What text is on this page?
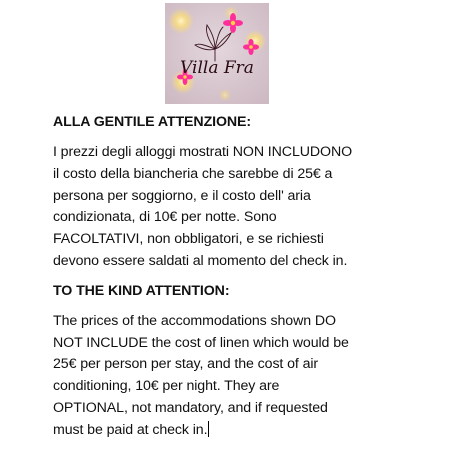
Villa Fra
ALLA GENTILE ATTENZIONE:
I prezzi degli alloggi mostrati NON INCLUDONO
il costo della biancheria che sarebbe di 25€ a
persona per soggiorno, e il costo dell' aria
condizionata, di 10€ per notte. Sono
FACOLTATIVI, non obbligatori, e se richiesti
devono essere saldati al momento del check in.
TO THE KIND ATTENTION:
The prices of the accommodations shown DO
NOT INCLUDE the cost of linen which would be
25€ per person per stay, and the cost of air
conditioning, 10€ per night. They are
OPTIONAL, not mandatory, and if requested
must be paid at check in.
